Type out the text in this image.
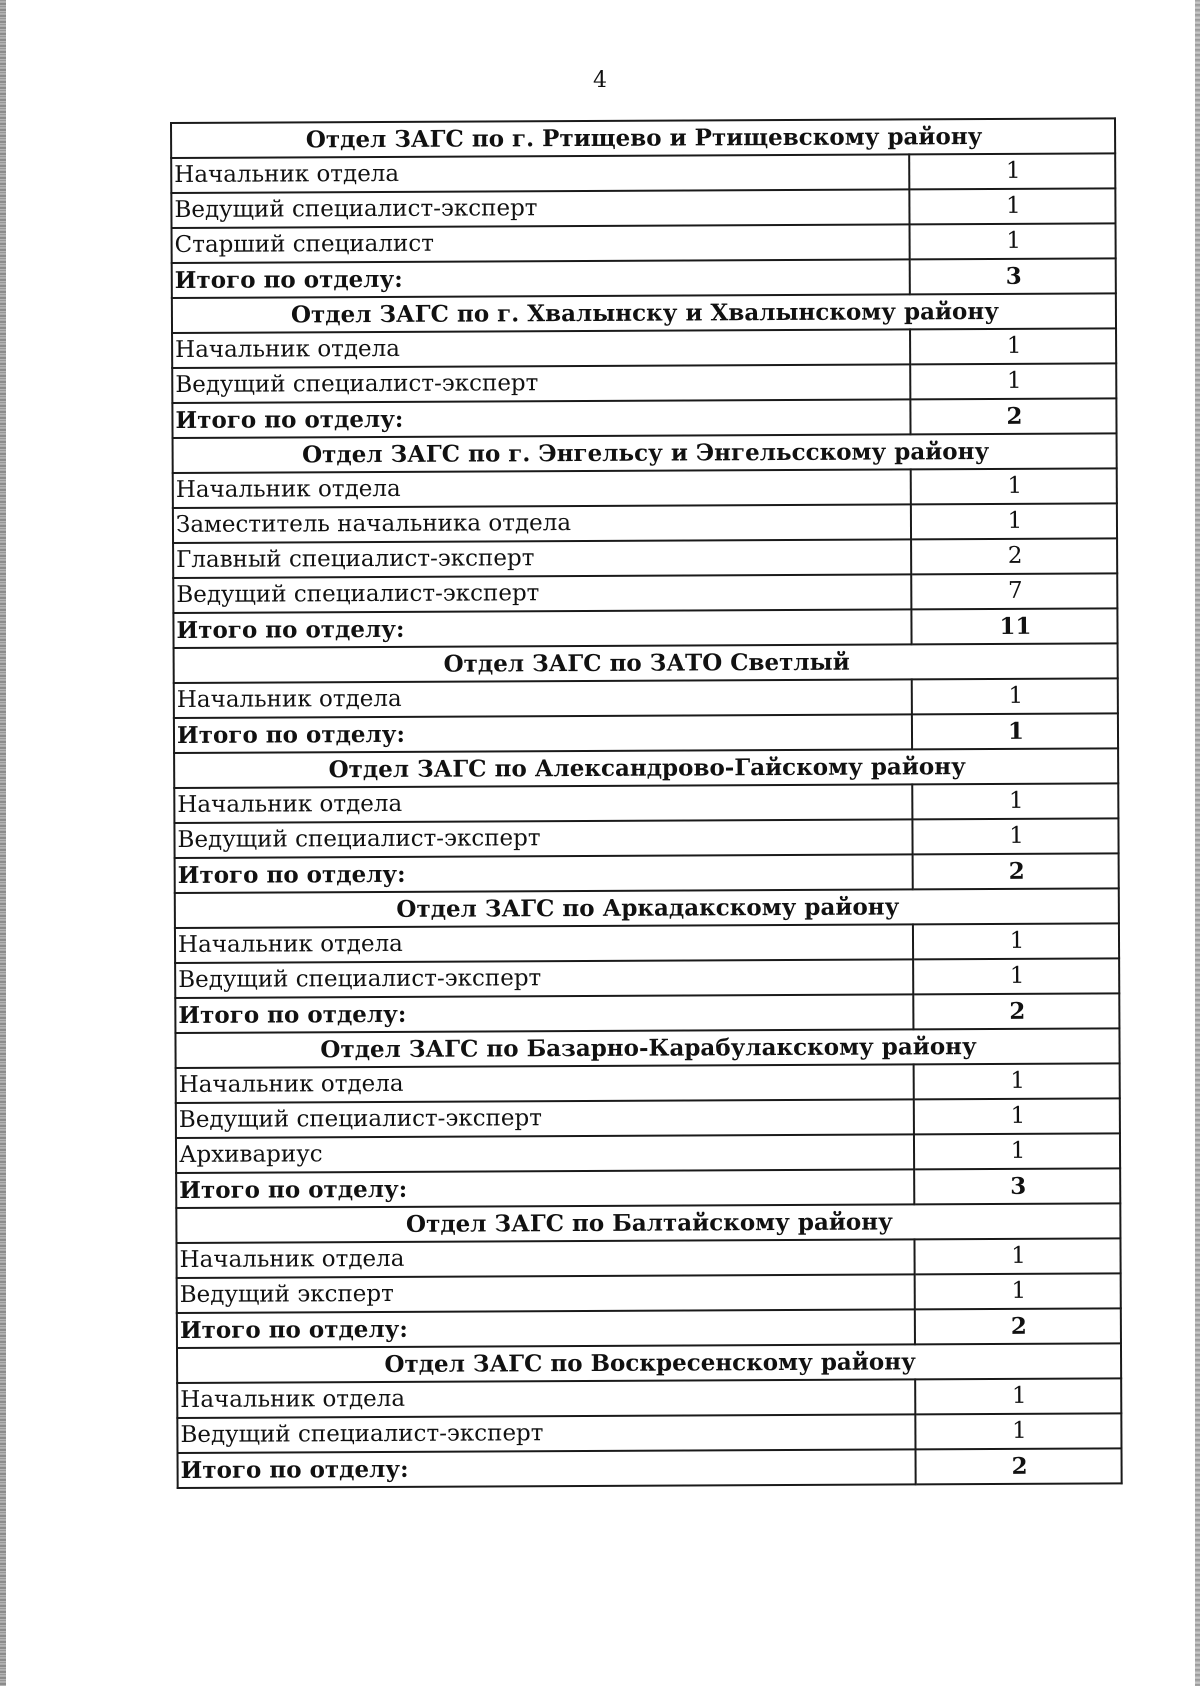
4
Отдел ЗАГС по г. Ртищево и Ртищевскому району	
Начальник отдела	1
Ведущий специалист-эксперт	1
Старший специалист	1
Итого по отделу:	3
Отдел ЗАГС по г. Хвалынску и Хвалынскому району	
Начальник отдела	1
Ведущий специалист-эксперт	1
Итого по отделу:	2
Отдел ЗАГС по г. Энгельсу и Энгельсскому району	
Начальник отдела	1
Заместитель начальника отдела	1
Главный специалист-эксперт	2
Ведущий специалист-эксперт	7
Итого по отделу:	11
Отдел ЗАГС по ЗАТО Светлый	
Начальник отдела	1
Итого по отделу:	1
Отдел ЗАГС по Александрово-Гайскому району	
Начальник отдела	1
Ведущий специалист-эксперт	1
Итого по отделу:	2
Отдел ЗАГС по Аркадакскому району	
Начальник отдела	1
Ведущий специалист-эксперт	1
Итого по отделу:	2
Отдел ЗАГС по Базарно-Карабулакскому району	
Начальник отдела	1
Ведущий специалист-эксперт	1
Архивариус	1
Итого по отделу:	3
Отдел ЗАГС по Балтайскому району	
Начальник отдела	1
Ведущий эксперт	1
Итого по отделу:	2
Отдел ЗАГС по Воскресенскому району	
Начальник отдела	1
Ведущий специалист-эксперт	1
Итого по отделу:	2
